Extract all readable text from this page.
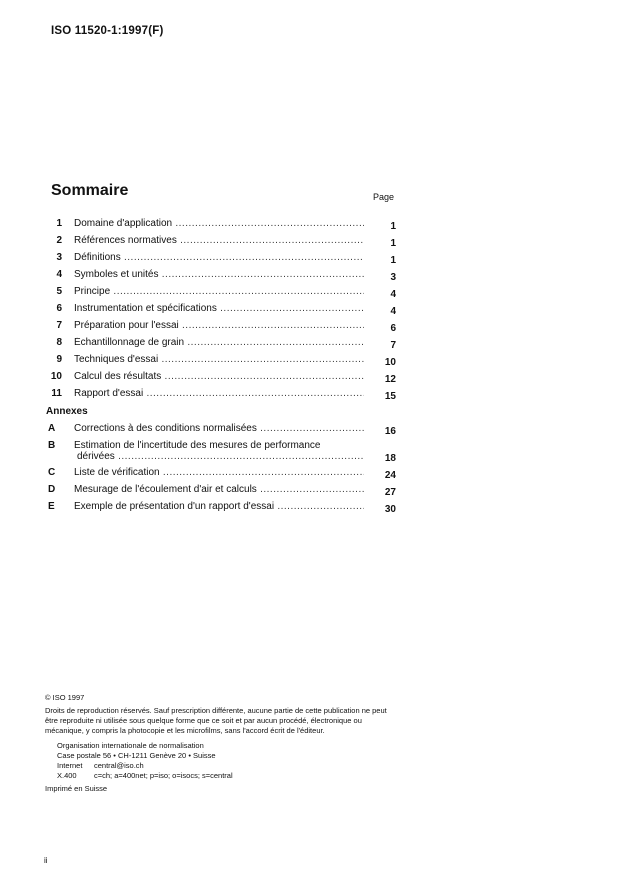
ISO 11520-1:1997(F)
Sommaire	Page
1 Domaine d'application .....	1
2 Références normatives .....	1
3 Définitions .....	1
4 Symboles et unités .....	3
5 Principe .....	4
6 Instrumentation et spécifications .....	4
7 Préparation pour l'essai .....	6
8 Échantillonnage de grain .....	7
9 Techniques d'essai .....	10
10 Calcul des résultats .....	12
11 Rapport d'essai .....	15
Annexes
A	Corrections à des conditions normalisées .....	16
B	Estimation de l'incertitude des mesures de performance
dérivées .....	18
C	Liste de vérification .....	24
D	Mesurage de l'écoulement d'air et calculs .....	27
E	Exemple de présentation d'un rapport d'essai .....	30
© ISO 1997
Droits de reproduction réservés. Sauf prescription différente, aucune partie de cette publication ne peut être reproduite ni utilisée sous quelque forme que ce soit et par aucun procédé, électronique ou mécanique, y compris la photocopie et les microfilms, sans l'accord écrit de l'éditeur.
Organisation internationale de normalisation
Case postale 56 • CH-1211 Genève 20 • Suisse
Internet central@iso.ch
X.400 c=ch; a=400net; p=iso; o=isocs; s=central
Imprimé en Suisse
ii
